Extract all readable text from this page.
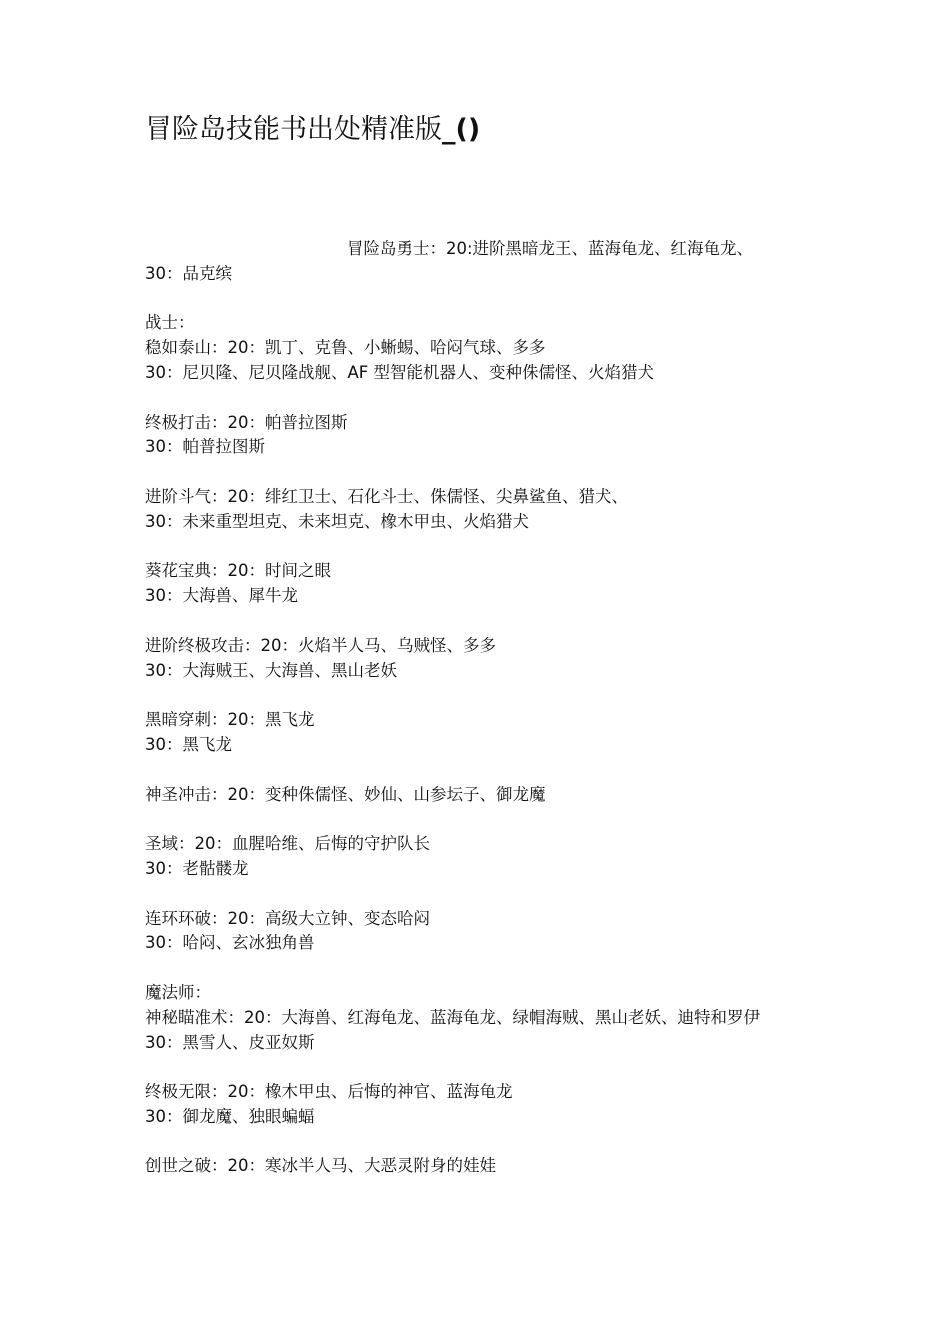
冒险岛技能书出处精准版_()
冒险岛勇士：20:进阶黑暗龙王、蓝海龟龙、红海龟龙、
30：品克缤
战士：
稳如泰山：20：凯丁、克鲁、小蜥蜴、哈闷气球、多多
30：尼贝隆、尼贝隆战舰、AF 型智能机器人、变种侏儒怪、火焰猎犬
终极打击：20：帕普拉图斯
30：帕普拉图斯
进阶斗气：20：绯红卫士、石化斗士、侏儒怪、尖鼻鲨鱼、猎犬、
30：未来重型坦克、未来坦克、橡木甲虫、火焰猎犬
葵花宝典：20：时间之眼
30：大海兽、犀牛龙
进阶终极攻击：20：火焰半人马、乌贼怪、多多
30：大海贼王、大海兽、黑山老妖
黑暗穿刺：20：黑飞龙
30：黑飞龙
神圣冲击：20：变种侏儒怪、妙仙、山参坛子、御龙魔
圣域：20：血腥哈维、后悔的守护队长
30：老骷髅龙
连环环破：20：高级大立钟、变态哈闷
30：哈闷、玄冰独角兽
魔法师：
神秘瞄准术：20：大海兽、红海龟龙、蓝海龟龙、绿帽海贼、黑山老妖、迪特和罗伊
30：黑雪人、皮亚奴斯
终极无限：20：橡木甲虫、后悔的神官、蓝海龟龙
30：御龙魔、独眼蝙蝠
创世之破：20：寒冰半人马、大恶灵附身的娃娃
